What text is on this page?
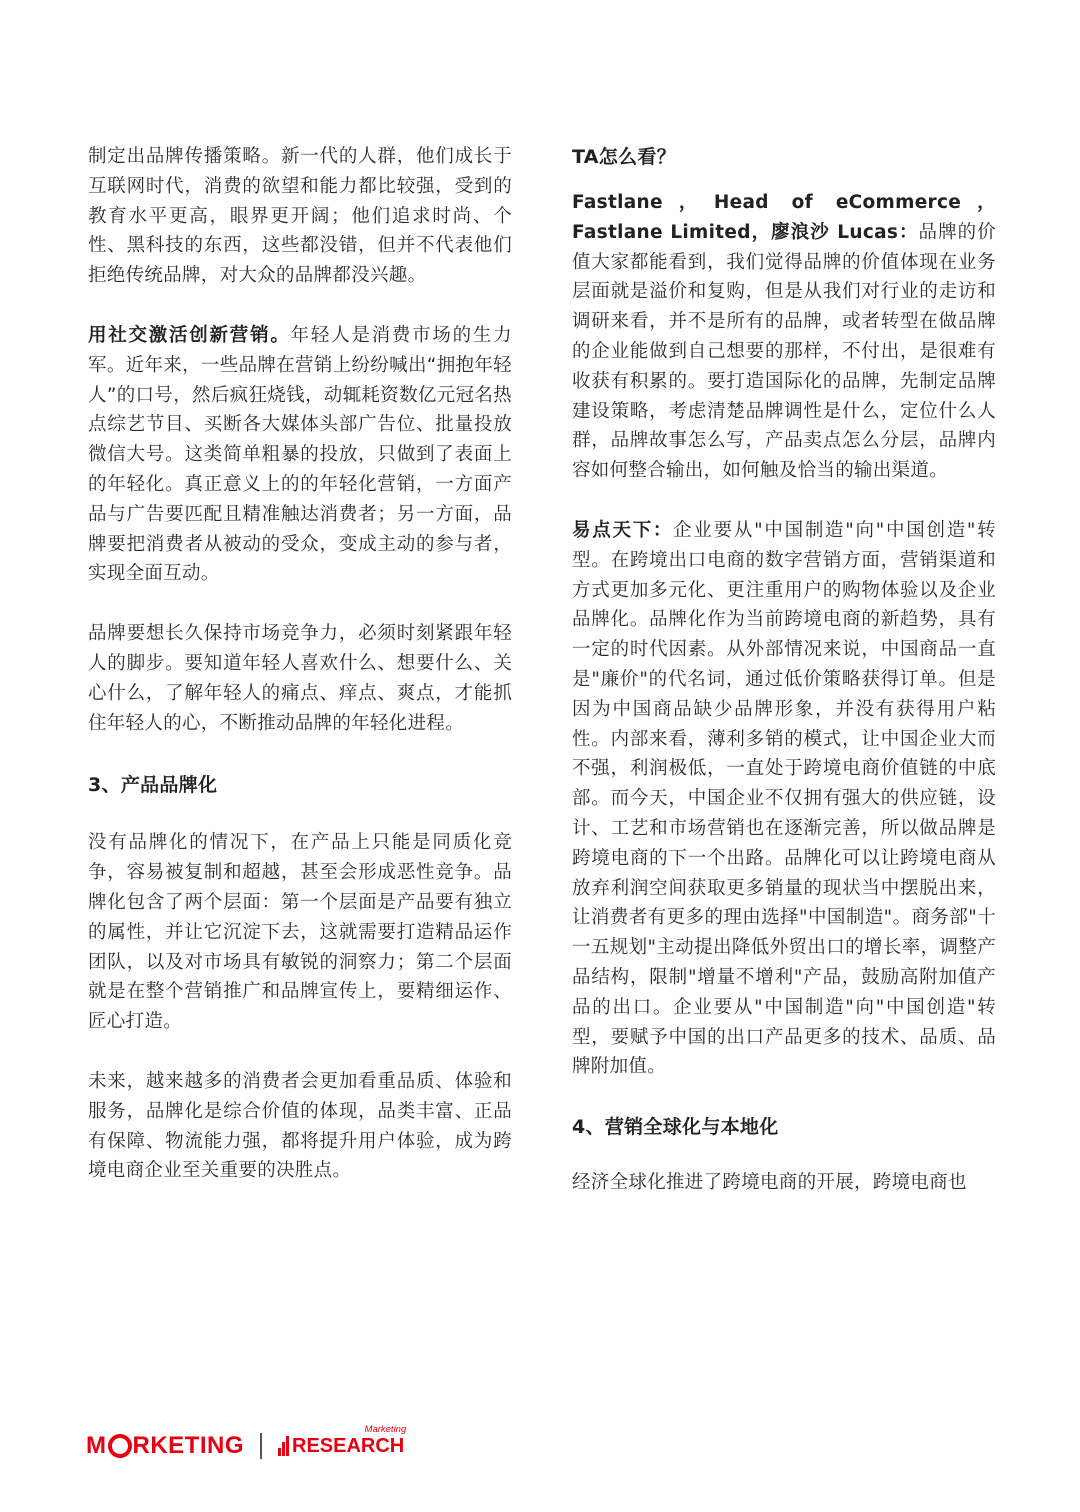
制定出品牌传播策略。新一代的人群，他们成长于互联网时代，消费的欲望和能力都比较强，受到的教育水平更高，眼界更开阔；他们追求时尚、个性、黑科技的东西，这些都没错，但并不代表他们拒绝传统品牌，对大众的品牌都没兴趣。

用社交激活创新营销。年轻人是消费市场的生力军。近年来，一些品牌在营销上纷纷喊出“拥抱年轻人”的口号，然后疯狂烧钱，动辄耗资数亿元冠名热点综艺节目、买断各大媒体头部广告位、批量投放微信大号。这类简单粗暴的投放，只做到了表面上的年轻化。真正意义上的的年轻化营销，一方面产品与广告要匹配且精准触达消费者；另一方面，品牌要把消费者从被动的受众，变成主动的参与者，实现全面互动。

品牌要想长久保持市场竞争力，必须时刻紧跟年轻人的脚步。要知道年轻人喜欢什么、想要什么、关心什么，了解年轻人的痛点、痒点、爽点，才能抓住年轻人的心，不断推动品牌的年轻化进程。

3、产品品牌化

没有品牌化的情况下，在产品上只能是同质化竞争，容易被复制和超越，甚至会形成恶性竞争。品牌化包含了两个层面：第一个层面是产品要有独立的属性，并让它沉淀下去，这就需要打造精品运作团队，以及对市场具有敏锐的洞察力；第二个层面就是在整个营销推广和品牌宣传上，要精细运作、匠心打造。

未来，越来越多的消费者会更加看重品质、体验和服务，品牌化是综合价值的体现，品类丰富、正品有保障、物流能力强，都将提升用户体验，成为跨境电商企业至关重要的决胜点。

TA怎么看？

Fastlane，Head of eCommerce，Fastlane Limited，廖浪沙 Lucas：品牌的价值大家都能看到，我们觉得品牌的价值体现在业务层面就是溢价和复购，但是从我们对行业的走访和调研来看，并不是所有的品牌，或者转型在做品牌的企业能做到自己想要的那样，不付出，是很难有收获有积累的。要打造国际化的品牌，先制定品牌建设策略，考虑清楚品牌调性是什么，定位什么人群，品牌故事怎么写，产品卖点怎么分层，品牌内容如何整合输出，如何触及恰当的输出渠道。

易点天下：企业要从"中国制造"向"中国创造"转型。在跨境出口电商的数字营销方面，营销渠道和方式更加多元化、更注重用户的购物体验以及企业品牌化。品牌化作为当前跨境电商的新趋势，具有一定的时代因素。从外部情况来说，中国商品一直是"廉价"的代名词，通过低价策略获得订单。但是因为中国商品缺少品牌形象，并没有获得用户粘性。内部来看，薄利多销的模式，让中国企业大而不强，利润极低，一直处于跨境电商价值链的中底部。而今天，中国企业不仅拥有强大的供应链，设计、工艺和市场营销也在逐渐完善，所以做品牌是跨境电商的下一个出路。品牌化可以让跨境电商从放弃利润空间获取更多销量的现状当中摆脱出来，让消费者有更多的理由选择"中国制造"。商务部"十一五规划"主动提出降低外贸出口的增长率，调整产品结构，限制"增量不增利"产品，鼓励高附加值产品的出口。企业要从"中国制造"向"中国创造"转型，要赋予中国的出口产品更多的技术、品质、品牌附加值。

4、营销全球化与本地化

经济全球化推进了跨境电商的开展，跨境电商也

M RKETING
Marketing
RESEARCH
